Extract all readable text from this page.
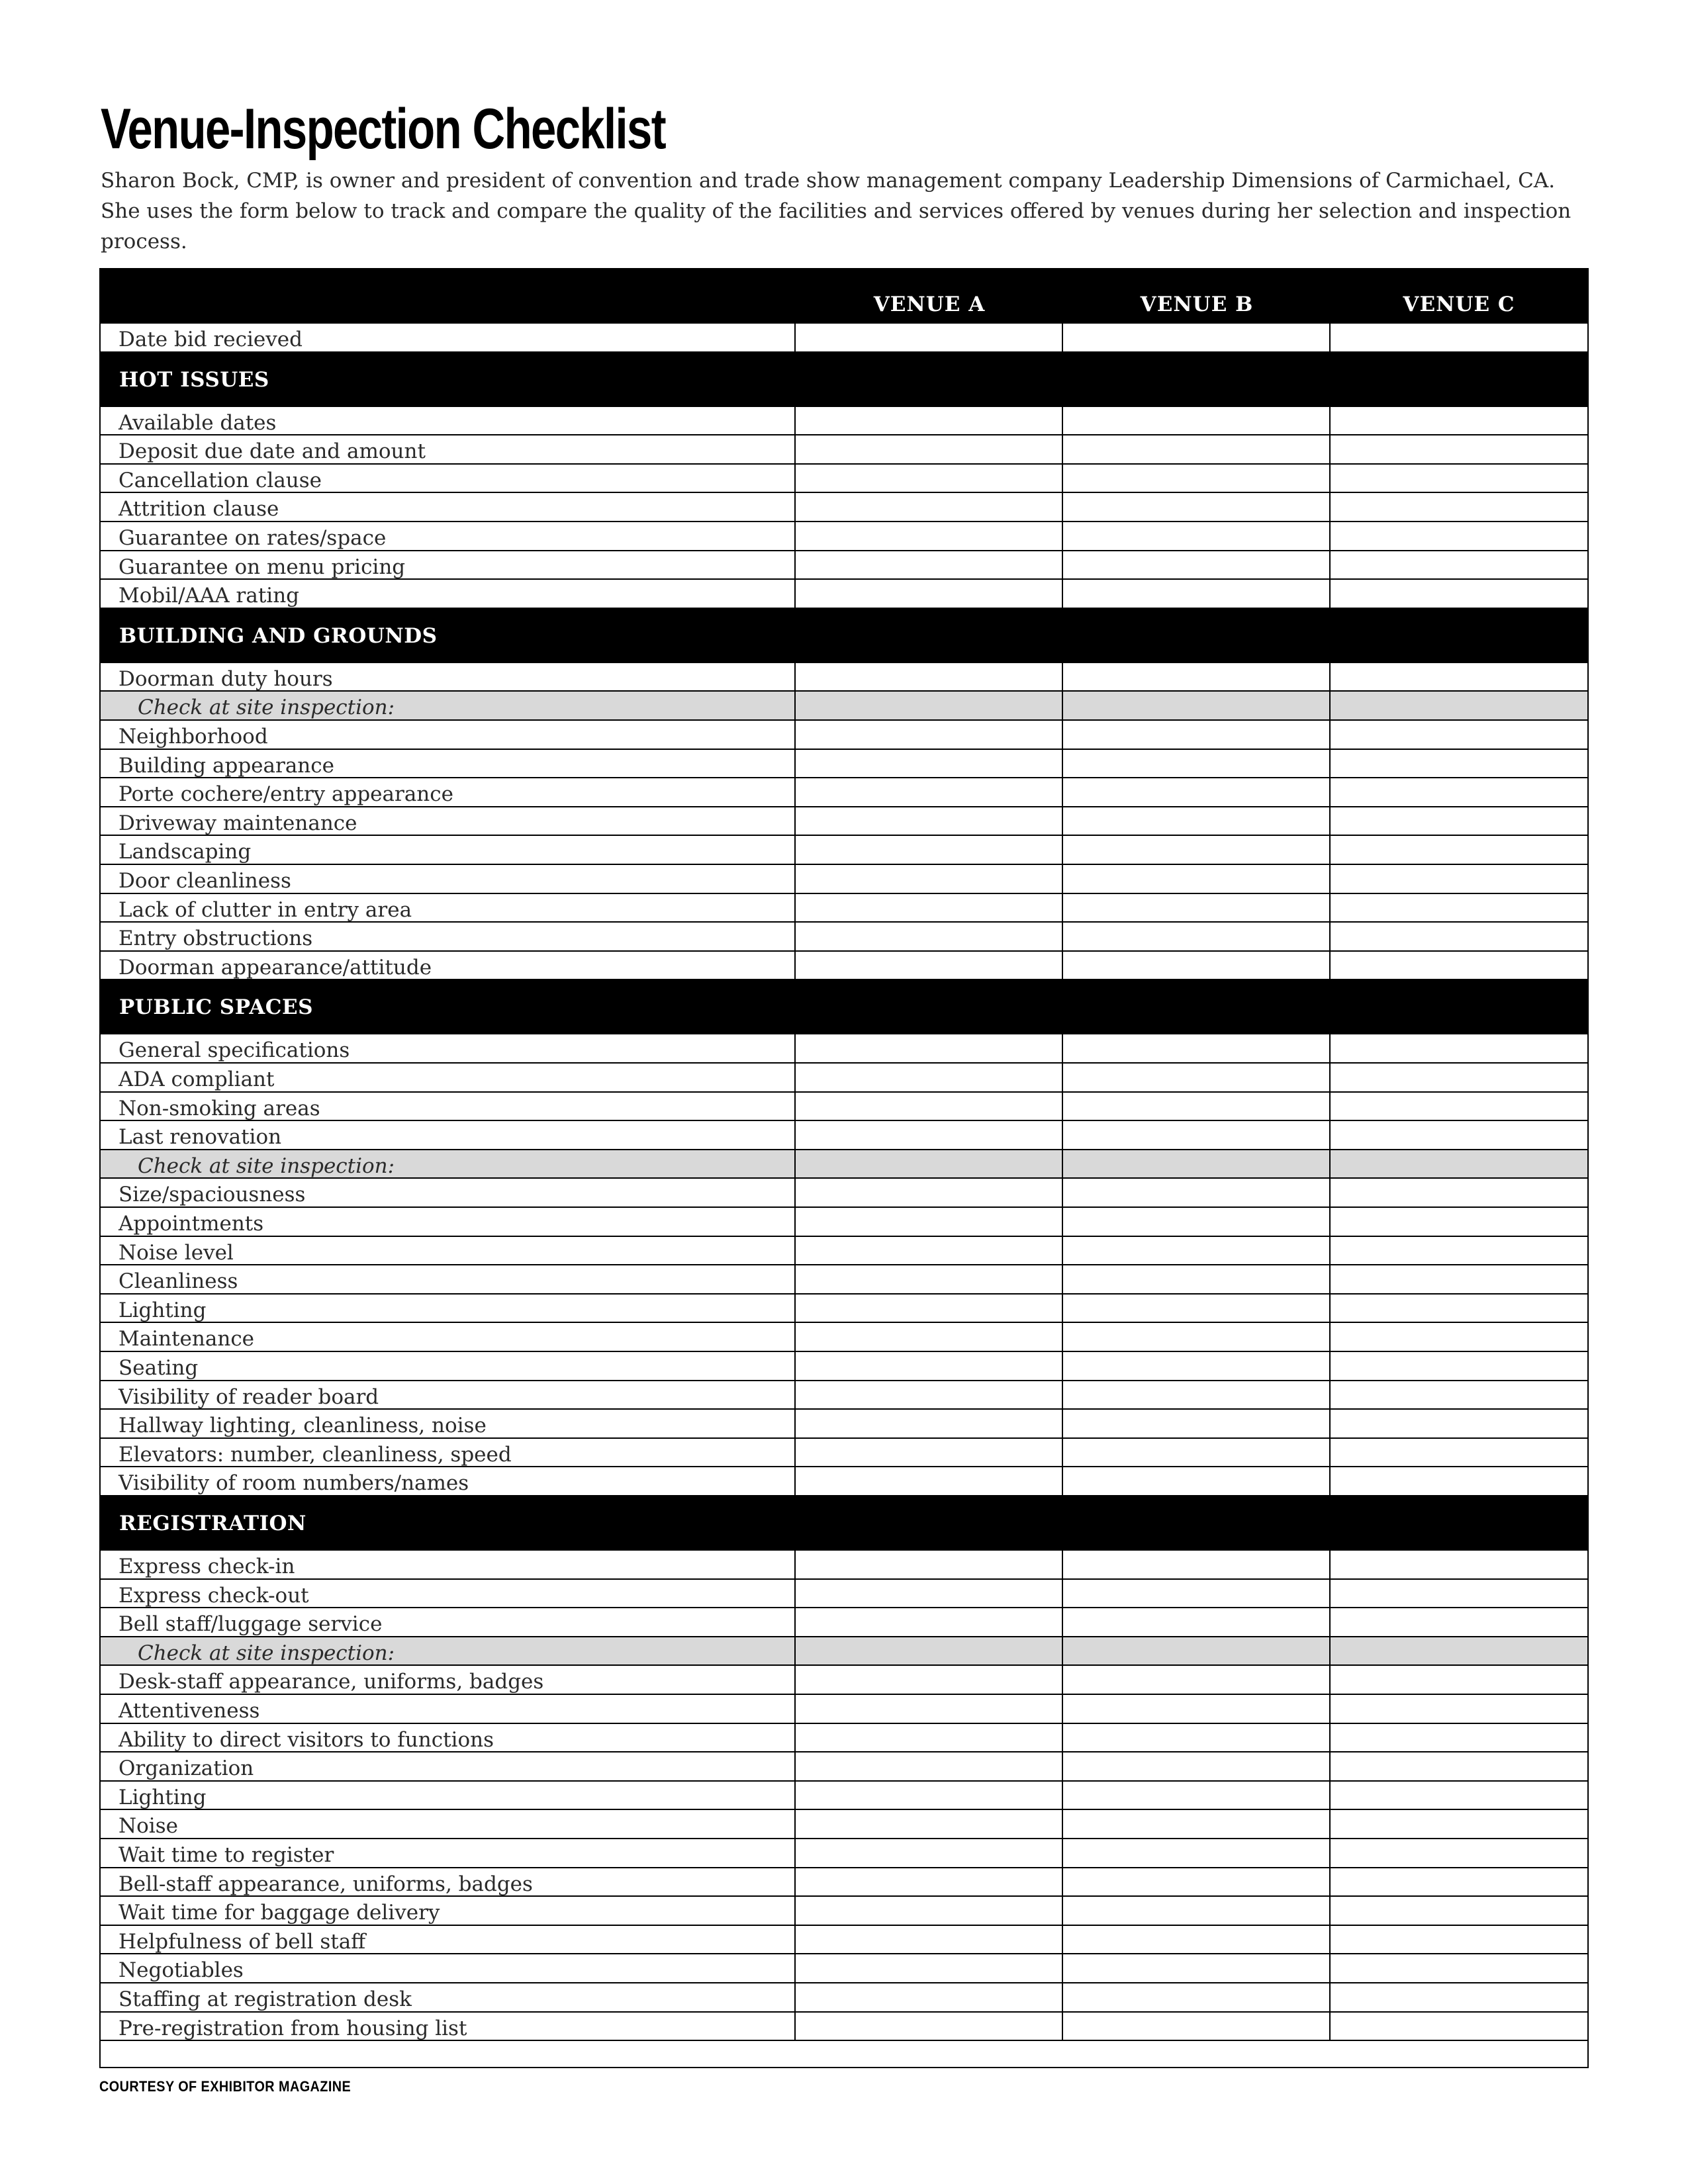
Venue-Inspection Checklist

Sharon Bock, CMP, is owner and president of convention and trade show management company Leadership Dimensions of Carmichael, CA. She uses the form below to track and compare the quality of the facilities and services offered by venues during her selection and inspection process.

VENUE A	VENUE B	VENUE C
Date bid recieved
HOT ISSUES
Available dates
Deposit due date and amount
Cancellation clause
Attrition clause
Guarantee on rates/space
Guarantee on menu pricing
Mobil/AAA rating
BUILDING AND GROUNDS
Doorman duty hours
Check at site inspection:
Neighborhood
Building appearance
Porte cochere/entry appearance
Driveway maintenance
Landscaping
Door cleanliness
Lack of clutter in entry area
Entry obstructions
Doorman appearance/attitude
PUBLIC SPACES
General specifications
ADA compliant
Non-smoking areas
Last renovation
Check at site inspection:
Size/spaciousness
Appointments
Noise level
Cleanliness
Lighting
Maintenance
Seating
Visibility of reader board
Hallway lighting, cleanliness, noise
Elevators: number, cleanliness, speed
Visibility of room numbers/names
REGISTRATION
Express check-in
Express check-out
Bell staff/luggage service
Check at site inspection:
Desk-staff appearance, uniforms, badges
Attentiveness
Ability to direct visitors to functions
Organization
Lighting
Noise
Wait time to register
Bell-staff appearance, uniforms, badges
Wait time for baggage delivery
Helpfulness of bell staff
Negotiables
Staffing at registration desk
Pre-registration from housing list

COURTESY OF EXHIBITOR MAGAZINE
